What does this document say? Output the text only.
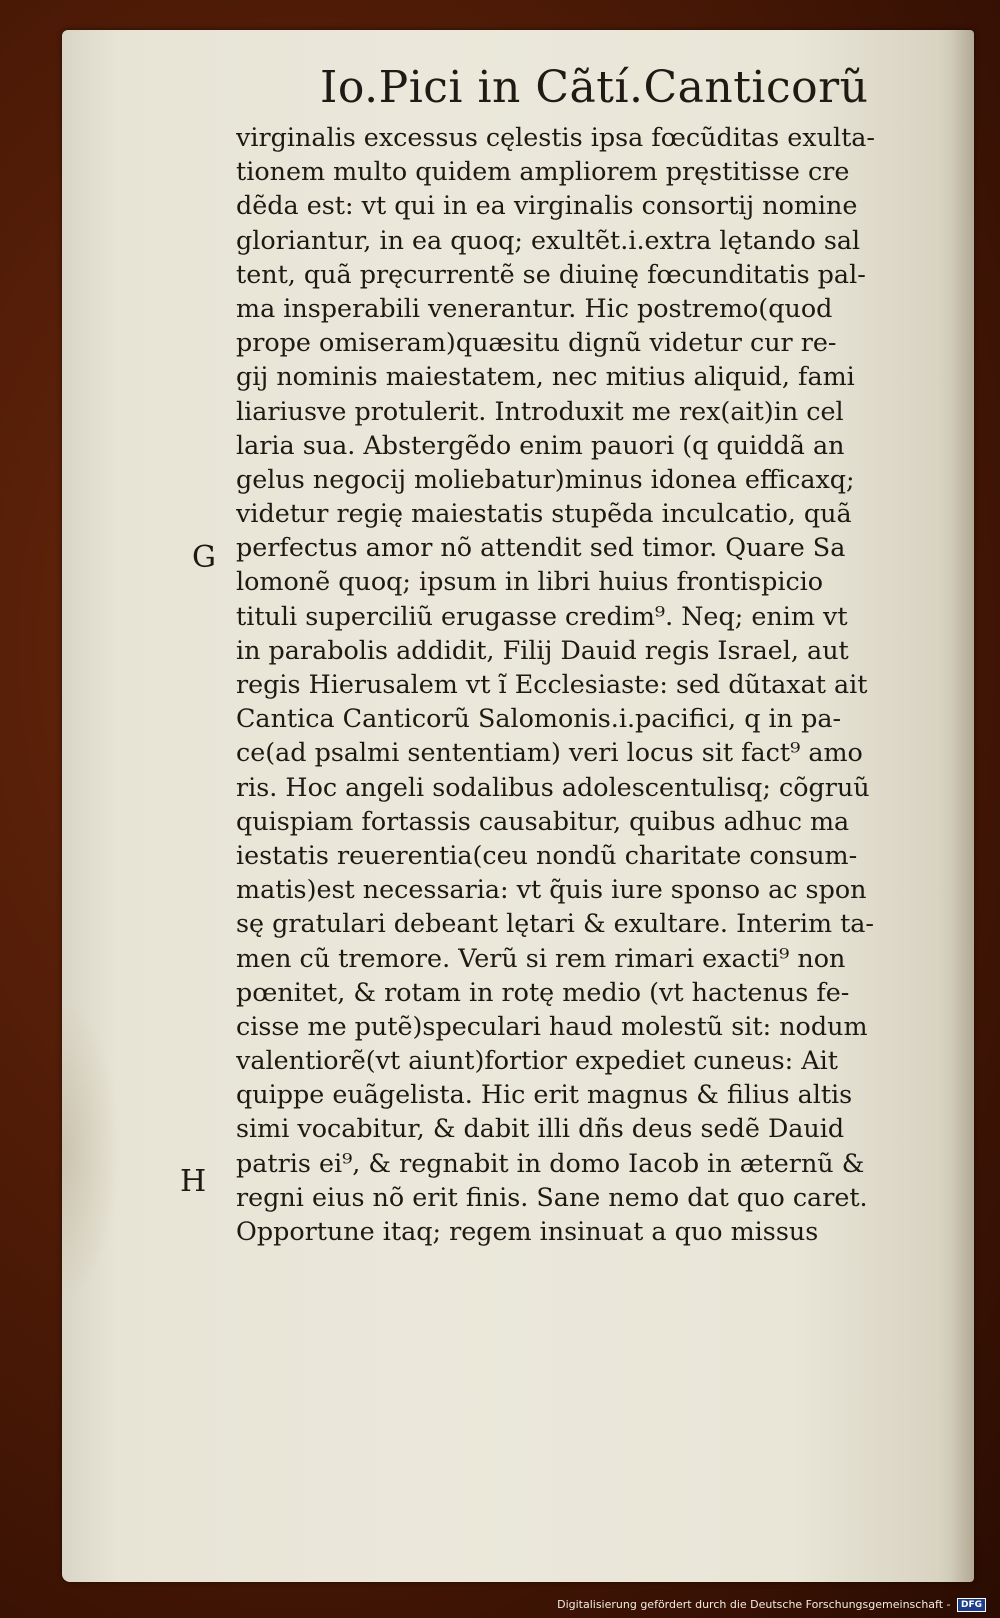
Io.Pici in Cãtí.Canticorũ
G
H
virginalis excessus cęlestis ipsa fœcũditas exulta-
tionem multo quidem ampliorem pręstitisse cre
dẽda est: vt qui in ea virginalis consortij nomine
gloriantur, in ea quoq; exultẽt.i.extra lętando sal
tent, quã pręcurrentẽ se diuinę fœcunditatis pal-
ma insperabili venerantur. Hic postremo(quod
prope omiseram)quæsitu dignũ videtur cur re-
gij nominis maiestatem, nec mitius aliquid, fami
liariusve protulerit. Introduxit me rex(ait)in cel
laria sua. Abstergẽdo enim pauori (q quiddã an
gelus negocij moliebatur)minus idonea efficaxq;
videtur regię maiestatis stupẽda inculcatio, quã
perfectus amor nõ attendit sed timor. Quare Sa
lomonẽ quoq; ipsum in libri huius frontispicio
tituli superciliũ erugasse credim⁹. Neq; enim vt
in parabolis addidit, Filij Dauid regis Israel, aut
regis Hierusalem vt ĩ Ecclesiaste: sed dũtaxat ait
Cantica Canticorũ Salomonis.i.pacifici, q in pa-
ce(ad psalmi sententiam) veri locus sit fact⁹ amo
ris. Hoc angeli sodalibus adolescentulisq; cõgruũ
quispiam fortassis causabitur, quibus adhuc ma
iestatis reuerentia(ceu nondũ charitate consum-
matis)est necessaria: vt q̃uis iure sponso ac spon
sę gratulari debeant lętari & exultare. Interim ta-
men cũ tremore. Verũ si rem rimari exacti⁹ non
pœnitet, & rotam in rotę medio (vt hactenus fe-
cisse me putẽ)speculari haud molestũ sit: nodum
valentiorẽ(vt aiunt)fortior expediet cuneus: Ait
quippe euãgelista. Hic erit magnus & filius altis
simi vocabitur, & dabit illi dñs deus sedẽ Dauid
patris ei⁹, & regnabit in domo Iacob in æternũ &
regni eius nõ erit finis. Sane nemo dat quo caret.
Opportune itaq; regem insinuat a quo missus
Digitalisierung gefördert durch die Deutsche Forschungsgemeinschaft - DFG
